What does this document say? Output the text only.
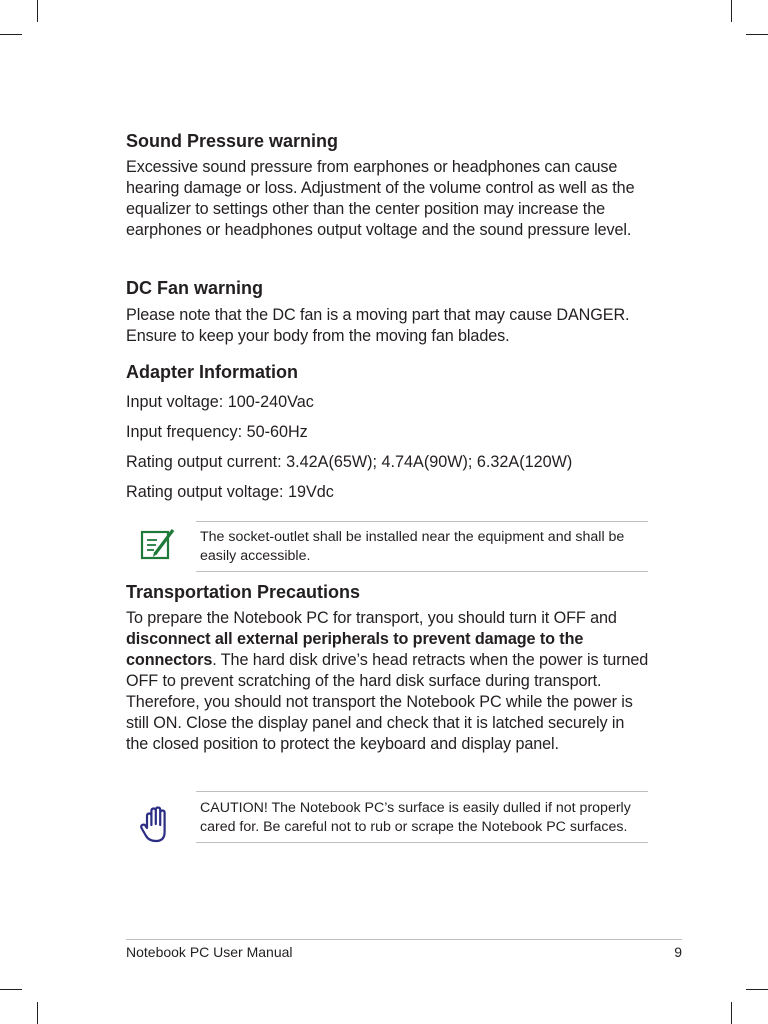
Sound Pressure warning

Excessive sound pressure from earphones or headphones can cause hearing damage or loss. Adjustment of the volume control as well as the equalizer to settings other than the center position may increase the earphones or headphones output voltage and the sound pressure level.

DC Fan warning

Please note that the DC fan is a moving part that may cause DANGER. Ensure to keep your body from the moving fan blades.

Adapter Information

Input voltage: 100-240Vac

Input frequency: 50-60Hz

Rating output current: 3.42A(65W); 4.74A(90W); 6.32A(120W)

Rating output voltage: 19Vdc

The socket-outlet shall be installed near the equipment and shall be easily accessible.
Transportation Precautions

To prepare the Notebook PC for transport, you should turn it OFF and disconnect all external peripherals to prevent damage to the connectors. The hard disk drive’s head retracts when the power is turned OFF to prevent scratching of the hard disk surface during transport. Therefore, you should not transport the Notebook PC while the power is still ON. Close the display panel and check that it is latched securely in the closed position to protect the keyboard and display panel.

CAUTION! The Notebook PC’s surface is easily dulled if not properly cared for. Be careful not to rub or scrape the Notebook PC surfaces.
Notebook PC User Manual	9
